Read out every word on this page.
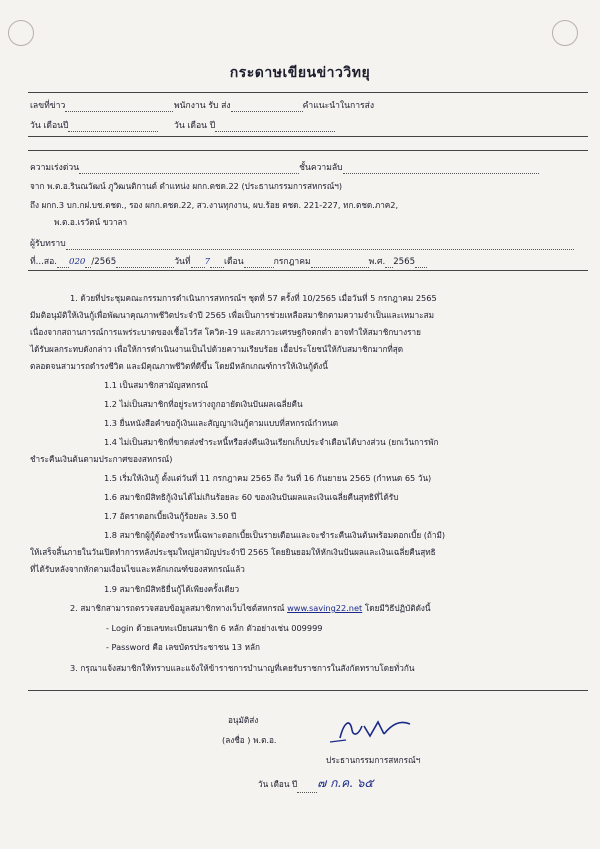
กระดาษเขียนข่าววิทยุ
เลขที่ข่าว	พนักงาน รับ ส่ง	คำแนะนำในการส่ง
วัน เดือนปี	วัน เดือน ปี
ความเร่งด่วน	ชั้นความลับ
จาก พ.ต.อ.รินณวัฒน์ ภูวิฒนติกานต์ ตำแหน่ง ผกก.ตชด.22 (ประธานกรรมการสหกรณ์ฯ)
ถึง ผกก.3 บก.กฝ.บช.ตชด., รอง ผกก.ตชด.22, สว.งานทุกงาน, ผบ.ร้อย ตชด. 221-227, ทก.ตชด.ภาค2,
พ.ต.อ.เรวัตน์ ขวาลา
ผู้รับทราบ
ที่...สอ. 020 /2565	วันที่ 7 เดือน	กรกฎาคม	พ.ศ. 2565
1. ด้วยที่ประชุมคณะกรรมการดำเนินการสหกรณ์ฯ ชุดที่ 57 ครั้งที่ 10/2565 เมื่อวันที่ 5 กรกฎาคม 2565
มีมติอนุมัติให้เงินกู้เพื่อพัฒนาคุณภาพชีวิตประจำปี 2565 เพื่อเป็นการช่วยเหลือสมาชิกตามความจำเป็นและเหมาะสม
เนื่องจากสถานการณ์การแพร่ระบาดของเชื้อไวรัส โควิด-19 และสภาวะเศรษฐกิจตกต่ำ อาจทำให้สมาชิกบางราย
ได้รับผลกระทบดังกล่าว เพื่อให้การดำเนินงานเป็นไปด้วยความเรียบร้อย เอื้อประโยชน์ให้กับสมาชิกมากที่สุด
ตลอดจนสามารถดำรงชีวิต และมีคุณภาพชีวิตที่ดีขึ้น โดยมีหลักเกณฑ์การให้เงินกู้ดังนี้
1.1 เป็นสมาชิกสามัญสหกรณ์
1.2 ไม่เป็นสมาชิกที่อยู่ระหว่างถูกอายัดเงินปันผลเฉลี่ยคืน
1.3 ยื่นหนังสือคำขอกู้เงินและสัญญาเงินกู้ตามแบบที่สหกรณ์กำหนด
1.4 ไม่เป็นสมาชิกที่ขาดส่งชำระหนี้หรือส่งคืนเงินเรียกเก็บประจำเดือนได้บางส่วน (ยกเว้นการพัก
ชำระคืนเงินต้นตามประกาศของสหกรณ์)
1.5 เริ่มให้เงินกู้ ตั้งแต่วันที่ 11 กรกฎาคม 2565 ถึง วันที่ 16 กันยายน 2565 (กำหนด 65 วัน)
1.6 สมาชิกมีสิทธิกู้เงินได้ไม่เกินร้อยละ 60 ของเงินปันผลและเงินเฉลี่ยคืนสุทธิที่ได้รับ
1.7 อัตราดอกเบี้ยเงินกู้ร้อยละ 3.50 ปี
1.8 สมาชิกผู้กู้ต้องชำระหนี้เฉพาะดอกเบี้ยเป็นรายเดือนและจะชำระคืนเงินต้นพร้อมดอกเบี้ย (ถ้ามี)
ให้เสร็จสิ้นภายในวันเปิดทำการหลังประชุมใหญ่สามัญประจำปี 2565 โดยยินยอมให้หักเงินปันผลและเงินเฉลี่ยคืนสุทธิ
ที่ได้รับหลังจากหักตามเงื่อนไขและหลักเกณฑ์ของสหกรณ์แล้ว
1.9 สมาชิกมีสิทธิยื่นกู้ได้เพียงครั้งเดียว
2. สมาชิกสามารถตรวจสอบข้อมูลสมาชิกทางเว็บไซต์สหกรณ์ www.saving22.net โดยมีวิธีปฏิบัติดังนี้
- Login ด้วยเลขทะเบียนสมาชิก 6 หลัก ตัวอย่างเช่น 009999
- Password คือ เลขบัตรประชาชน 13 หลัก
3. กรุณาแจ้งสมาชิกให้ทราบและแจ้งให้ข้าราชการบำนาญที่เคยรับราชการในสังกัดทราบโดยทั่วกัน
อนุมัติส่ง
(ลงชื่อ ) พ.ต.อ.
ประธานกรรมการสหกรณ์ฯ
วัน เดือน ปี ๗ ก.ค. ๖๕
